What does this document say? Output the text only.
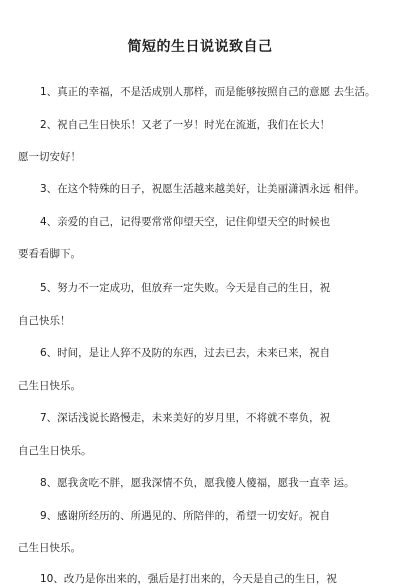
简短的生日说说致自己
1、真正的幸福，不是活成别人那样，而是能够按照自己的意愿 去生活。
2、祝自己生日快乐！又老了一岁！时光在流逝，我们在长大！
愿一切安好！
3、在这个特殊的日子，祝愿生活越来越美好，让美丽潇洒永远 相伴。
4、亲爱的自己，记得要常常仰望天空，记住仰望天空的时候也
要看看脚下。
5、努力不一定成功，但放弃一定失败。今天是自己的生日，祝
自己快乐！
6、时间，是让人猝不及防的东西，过去已去，未来已来，祝自
己生日快乐。
7、深话浅说长路慢走，未来美好的岁月里，不将就不辜负，祝
自己生日快乐。
8、愿我贪吃不胖，愿我深情不负，愿我傻人傻福，愿我一直幸 运。
9、感谢所经历的、所遇见的、所陪伴的，希望一切安好。祝自
己生日快乐。
10、改乃是你出来的，强后是打出来的，今天是自己的生日，祝
